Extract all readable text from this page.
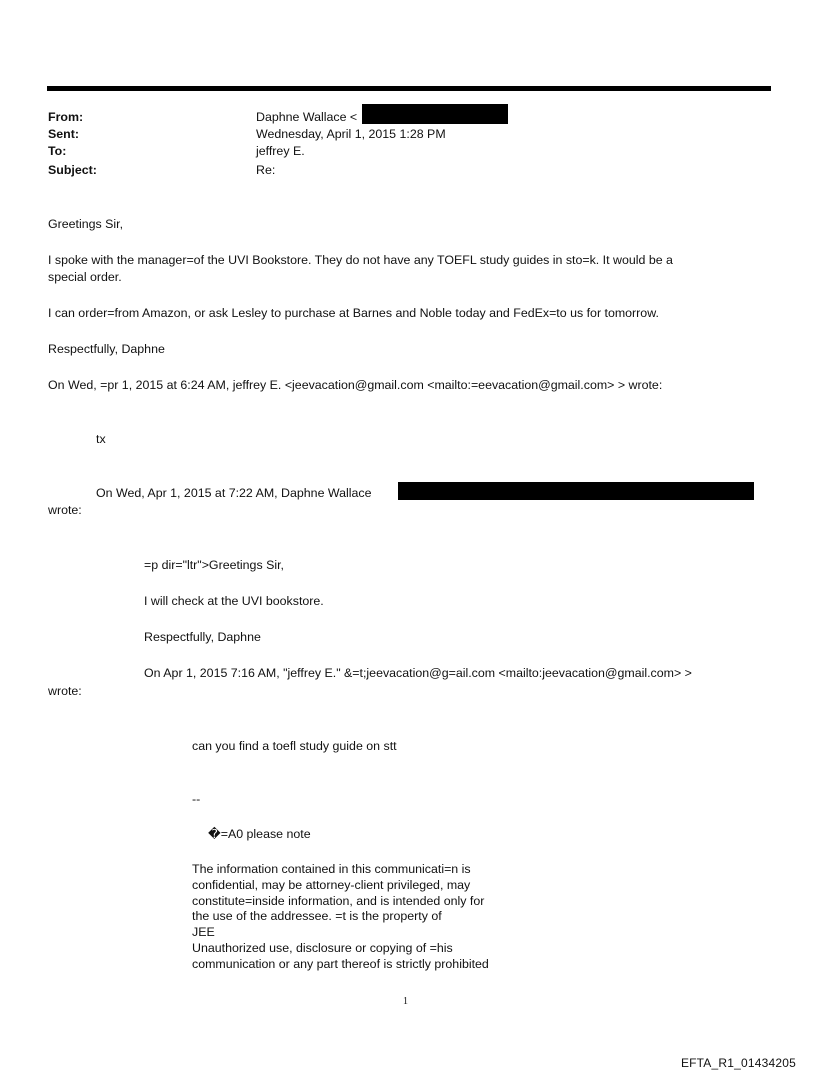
From:
Sent:
To:
Subject:
Daphne Wallace <
Wednesday, April 1, 2015 1:28 PM
jeffrey E.
Re:
Greetings Sir,
I spoke with the manager=of the UVI Bookstore. They do not have any TOEFL study guides in sto=k. It would be a
special order.
I can order=from Amazon, or ask Lesley to purchase at Barnes and Noble today and FedEx=to us for tomorrow.
Respectfully, Daphne
On Wed, =pr 1, 2015 at 6:24 AM, jeffrey E. <jeevacation@gmail.com <mailto:=eevacation@gmail.com> > wrote:
tx
On Wed, Apr 1, 2015 at 7:22 AM, Daphne Wallace
wrote:
=p dir="ltr">Greetings Sir,
I will check at the UVI bookstore.
Respectfully, Daphne
On Apr 1, 2015 7:16 AM, "jeffrey E." &=t;jeevacation@g=ail.com <mailto:jeevacation@gmail.com> >
wrote:
can you find a toefl study guide on stt
--
�=A0 please note
The information contained in this communicati=n is
confidential, may be attorney-client privileged, may
constitute=inside information, and is intended only for
the use of the addressee. =t is the property of
JEE
Unauthorized use, disclosure or copying of =his
communication or any part thereof is strictly prohibited
1
EFTA_R1_01434205
